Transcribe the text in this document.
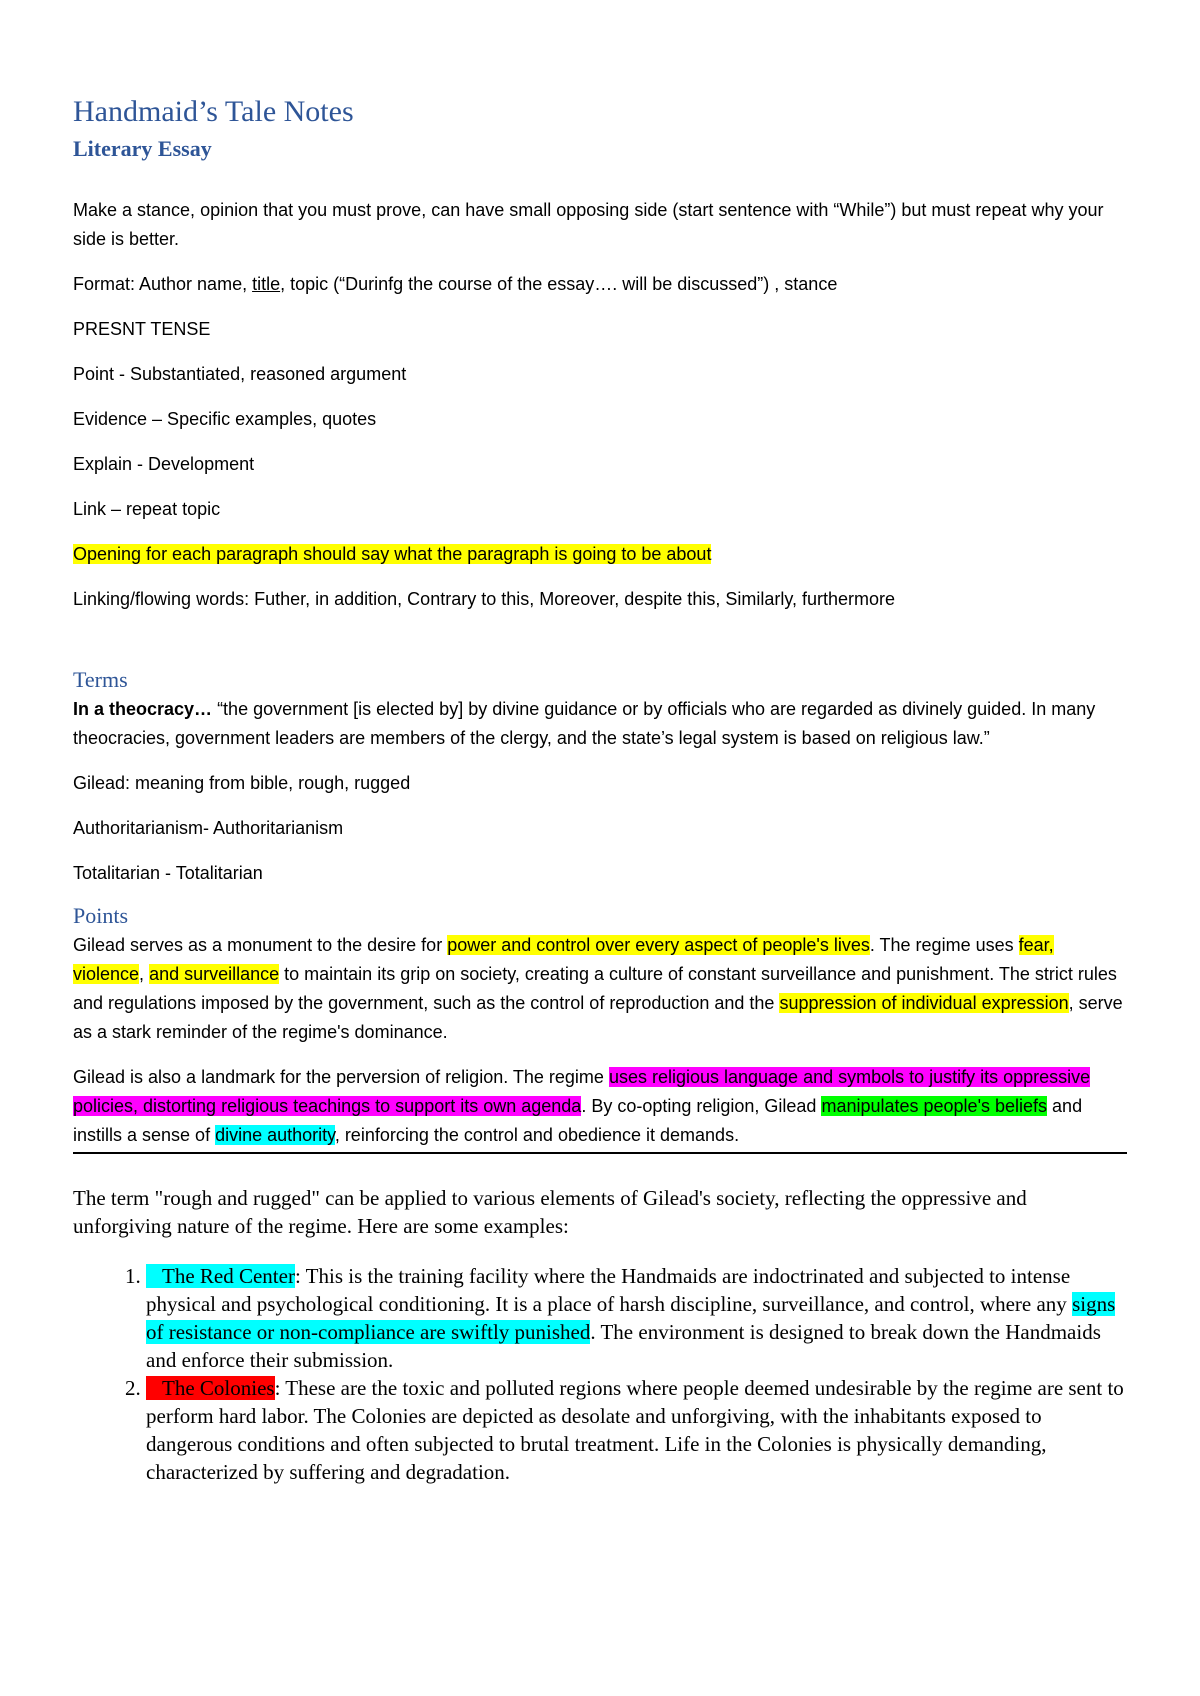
Handmaid’s Tale Notes
Literary Essay

Make a stance, opinion that you must prove, can have small opposing side (start sentence with “While”) but must repeat why your side is better.

Format: Author name, title, topic (“Durinfg the course of the essay…. will be discussed”) , stance

PRESNT TENSE

Point - Substantiated, reasoned argument

Evidence – Specific examples, quotes

Explain - Development

Link – repeat topic

Opening for each paragraph should say what the paragraph is going to be about

Linking/flowing words: Futher, in addition, Contrary to this, Moreover, despite this, Similarly, furthermore

Terms

In a theocracy… “the government [is elected by] by divine guidance or by officials who are regarded as divinely guided. In many theocracies, government leaders are members of the clergy, and the state’s legal system is based on religious law.”

Gilead: meaning from bible, rough, rugged

Authoritarianism- Authoritarianism

Totalitarian - Totalitarian

Points

Gilead serves as a monument to the desire for power and control over every aspect of people's lives. The regime uses fear, violence, and surveillance to maintain its grip on society, creating a culture of constant surveillance and punishment. The strict rules and regulations imposed by the government, such as the control of reproduction and the suppression of individual expression, serve as a stark reminder of the regime's dominance.

Gilead is also a landmark for the perversion of religion. The regime uses religious language and symbols to justify its oppressive policies, distorting religious teachings to support its own agenda. By co-opting religion, Gilead manipulates people's beliefs and instills a sense of divine authority, reinforcing the control and obedience it demands.

The term "rough and rugged" can be applied to various elements of Gilead's society, reflecting the oppressive and unforgiving nature of the regime. Here are some examples:

1. The Red Center: This is the training facility where the Handmaids are indoctrinated and subjected to intense physical and psychological conditioning. It is a place of harsh discipline, surveillance, and control, where any signs of resistance or non-compliance are swiftly punished. The environment is designed to break down the Handmaids and enforce their submission.
2. The Colonies: These are the toxic and polluted regions where people deemed undesirable by the regime are sent to perform hard labor. The Colonies are depicted as desolate and unforgiving, with the inhabitants exposed to dangerous conditions and often subjected to brutal treatment. Life in the Colonies is physically demanding, characterized by suffering and degradation.
